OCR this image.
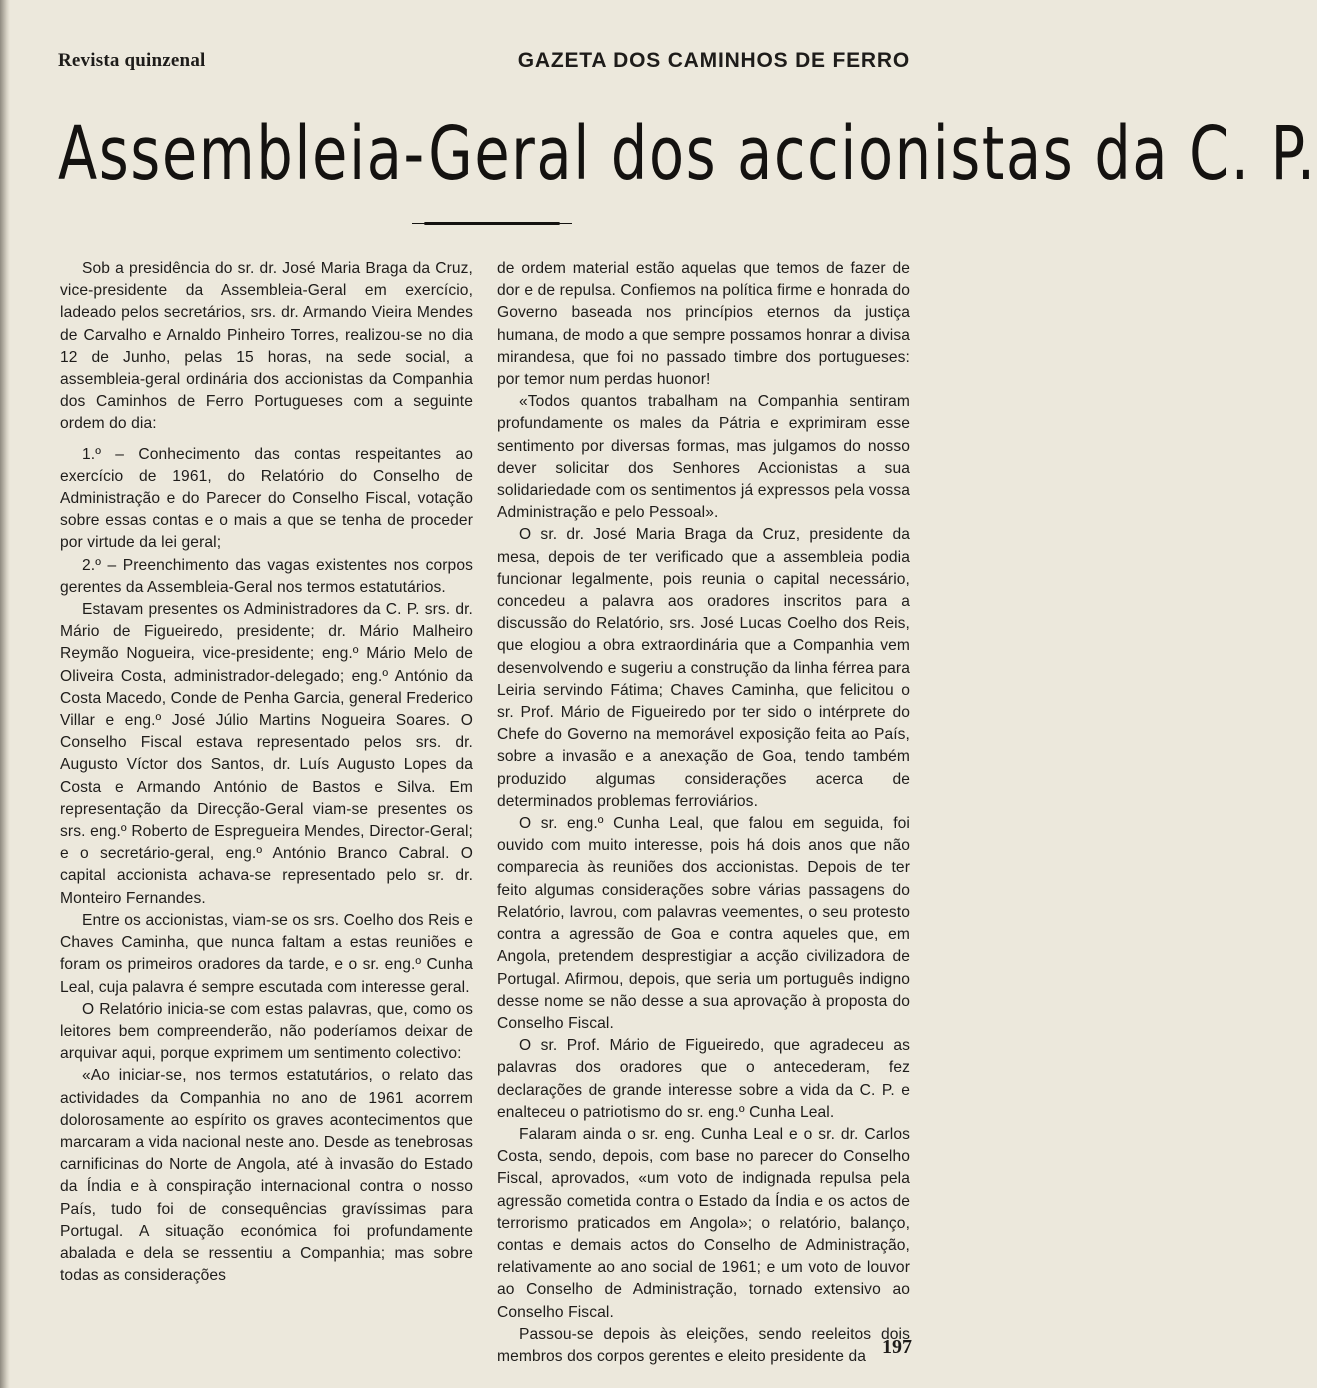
Revista quinzenal	GAZETA DOS CAMINHOS DE FERRO
Assembleia-Geral dos accionistas da C. P.

Sob a presidência do sr. dr. José Maria Braga da Cruz, vice-presidente da Assembleia-Geral em exercício, ladeado pelos secretários, srs. dr. Armando Vieira Mendes de Carvalho e Arnaldo Pinheiro Torres, realizou-se no dia 12 de Junho, pelas 15 horas, na sede social, a assembleia-geral ordinária dos accionistas da Companhia dos Caminhos de Ferro Portugueses com a seguinte ordem do dia:

1.º – Conhecimento das contas respeitantes ao exercício de 1961, do Relatório do Conselho de Administração e do Parecer do Conselho Fiscal, votação sobre essas contas e o mais a que se tenha de proceder por virtude da lei geral;

2.º – Preenchimento das vagas existentes nos corpos gerentes da Assembleia-Geral nos termos estatutários.

Estavam presentes os Administradores da C. P. srs. dr. Mário de Figueiredo, presidente; dr. Mário Malheiro Reymão Nogueira, vice-presidente; eng.º Mário Melo de Oliveira Costa, administrador-delegado; eng.º António da Costa Macedo, Conde de Penha Garcia, general Frederico Villar e eng.º José Júlio Martins Nogueira Soares. O Conselho Fiscal estava representado pelos srs. dr. Augusto Víctor dos Santos, dr. Luís Augusto Lopes da Costa e Armando António de Bastos e Silva. Em representação da Direcção-Geral viam-se presentes os srs. eng.º Roberto de Espregueira Mendes, Director-Geral; e o secretário-geral, eng.º António Branco Cabral. O capital accionista achava-se representado pelo sr. dr. Monteiro Fernandes.

Entre os accionistas, viam-se os srs. Coelho dos Reis e Chaves Caminha, que nunca faltam a estas reuniões e foram os primeiros oradores da tarde, e o sr. eng.º Cunha Leal, cuja palavra é sempre escutada com interesse geral.

O Relatório inicia-se com estas palavras, que, como os leitores bem compreenderão, não poderíamos deixar de arquivar aqui, porque exprimem um sentimento colectivo:

«Ao iniciar-se, nos termos estatutários, o relato das actividades da Companhia no ano de 1961 acorrem dolorosamente ao espírito os graves acontecimentos que marcaram a vida nacional neste ano. Desde as tenebrosas carnificinas do Norte de Angola, até à invasão do Estado da Índia e à conspiração internacional contra o nosso País, tudo foi de consequências gravíssimas para Portugal. A situação económica foi profundamente abalada e dela se ressentiu a Companhia; mas sobre todas as considerações

de ordem material estão aquelas que temos de fazer de dor e de repulsa. Confiemos na política firme e honrada do Governo baseada nos princípios eternos da justiça humana, de modo a que sempre possamos honrar a divisa mirandesa, que foi no passado timbre dos portugueses: por temor num perdas huonor!

«Todos quantos trabalham na Companhia sentiram profundamente os males da Pátria e exprimiram esse sentimento por diversas formas, mas julgamos do nosso dever solicitar dos Senhores Accionistas a sua solidariedade com os sentimentos já expressos pela vossa Administração e pelo Pessoal».

O sr. dr. José Maria Braga da Cruz, presidente da mesa, depois de ter verificado que a assembleia podia funcionar legalmente, pois reunia o capital necessário, concedeu a palavra aos oradores inscritos para a discussão do Relatório, srs. José Lucas Coelho dos Reis, que elogiou a obra extraordinária que a Companhia vem desenvolvendo e sugeriu a construção da linha férrea para Leiria servindo Fátima; Chaves Caminha, que felicitou o sr. Prof. Mário de Figueiredo por ter sido o intérprete do Chefe do Governo na memorável exposição feita ao País, sobre a invasão e a anexação de Goa, tendo também produzido algumas considerações acerca de determinados problemas ferroviários.

O sr. eng.º Cunha Leal, que falou em seguida, foi ouvido com muito interesse, pois há dois anos que não comparecia às reuniões dos accionistas. Depois de ter feito algumas considerações sobre várias passagens do Relatório, lavrou, com palavras veementes, o seu protesto contra a agressão de Goa e contra aqueles que, em Angola, pretendem desprestigiar a acção civilizadora de Portugal. Afirmou, depois, que seria um português indigno desse nome se não desse a sua aprovação à proposta do Conselho Fiscal.

O sr. Prof. Mário de Figueiredo, que agradeceu as palavras dos oradores que o antecederam, fez declarações de grande interesse sobre a vida da C. P. e enalteceu o patriotismo do sr. eng.º Cunha Leal.

Falaram ainda o sr. eng. Cunha Leal e o sr. dr. Carlos Costa, sendo, depois, com base no parecer do Conselho Fiscal, aprovados, «um voto de indignada repulsa pela agressão cometida contra o Estado da Índia e os actos de terrorismo praticados em Angola»; o relatório, balanço, contas e demais actos do Conselho de Administração, relativamente ao ano social de 1961; e um voto de louvor ao Conselho de Administração, tornado extensivo ao Conselho Fiscal.

Passou-se depois às eleições, sendo reeleitos dois membros dos corpos gerentes e eleito presidente da 197
